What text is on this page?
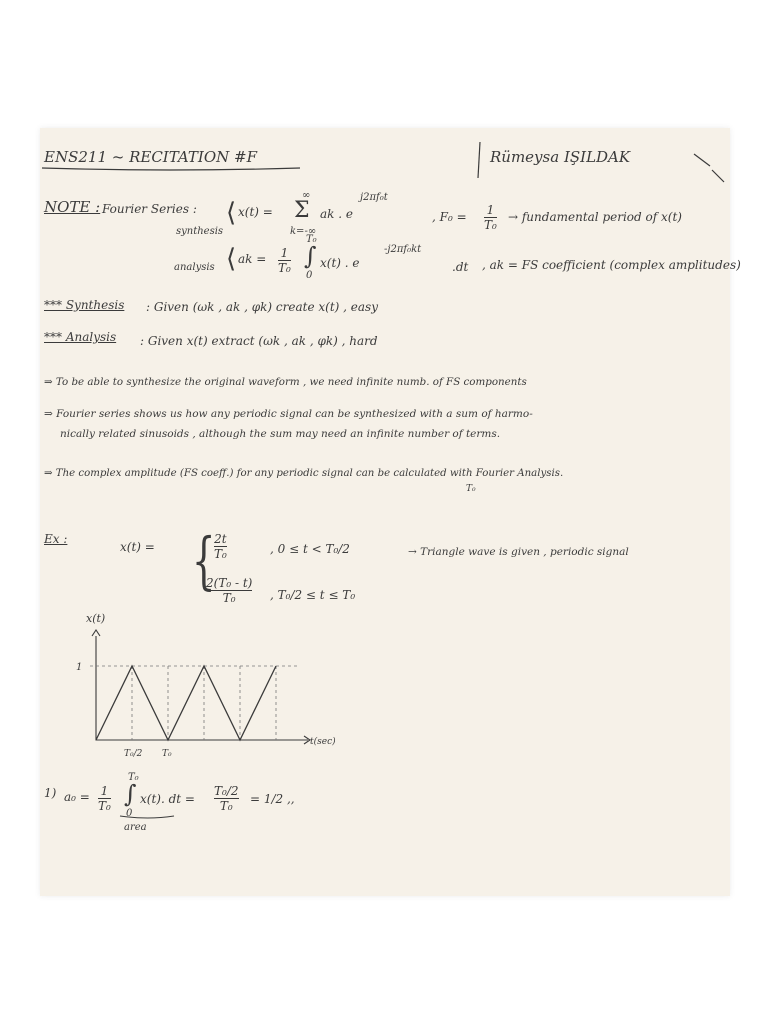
ENS211 ~ RECITATION #F	Rümeysa IŞILDAK
NOTE : Fourier Series :
synthesis
⟨ x(t) =
∞
Σ
k=-∞
ak . e
j2πf₀t
, F₀ = 1
T₀
→ fundamental period of x(t)
analysis ⟨ ak = 1
T₀
T₀
∫
0
x(t) . e
-j2πf₀kt
.dt , ak = FS coefficient (complex amplitudes)
*** Synthesis : Given (ωk , ak , φk) create x(t) , easy
*** Analysis : Given x(t) extract (ωk , ak , φk) , hard
⇒ To be able to synthesize the original waveform , we need infinite numb. of FS components
⇒ Fourier series shows us how any periodic signal can be synthesized with a sum of harmo-
nically related sinusoids , although the sum may need an infinite number of terms.
⇒ The complex amplitude (FS coeff.) for any periodic signal can be calculated with Fourier Analysis.
T₀
Ex :
x(t) = {
2t
T₀	, 0 ≤ t < T₀/2	→ Triangle wave is given , periodic signal
2(T₀ - t)
T₀	, T₀/2 ≤ t ≤ T₀
x(t)
t(sec)
1
T₀/2 T₀
1) a₀ = 1
T₀
T₀
∫
0
x(t). dt =
area
T₀/2
T₀ = 1/2 ,,
